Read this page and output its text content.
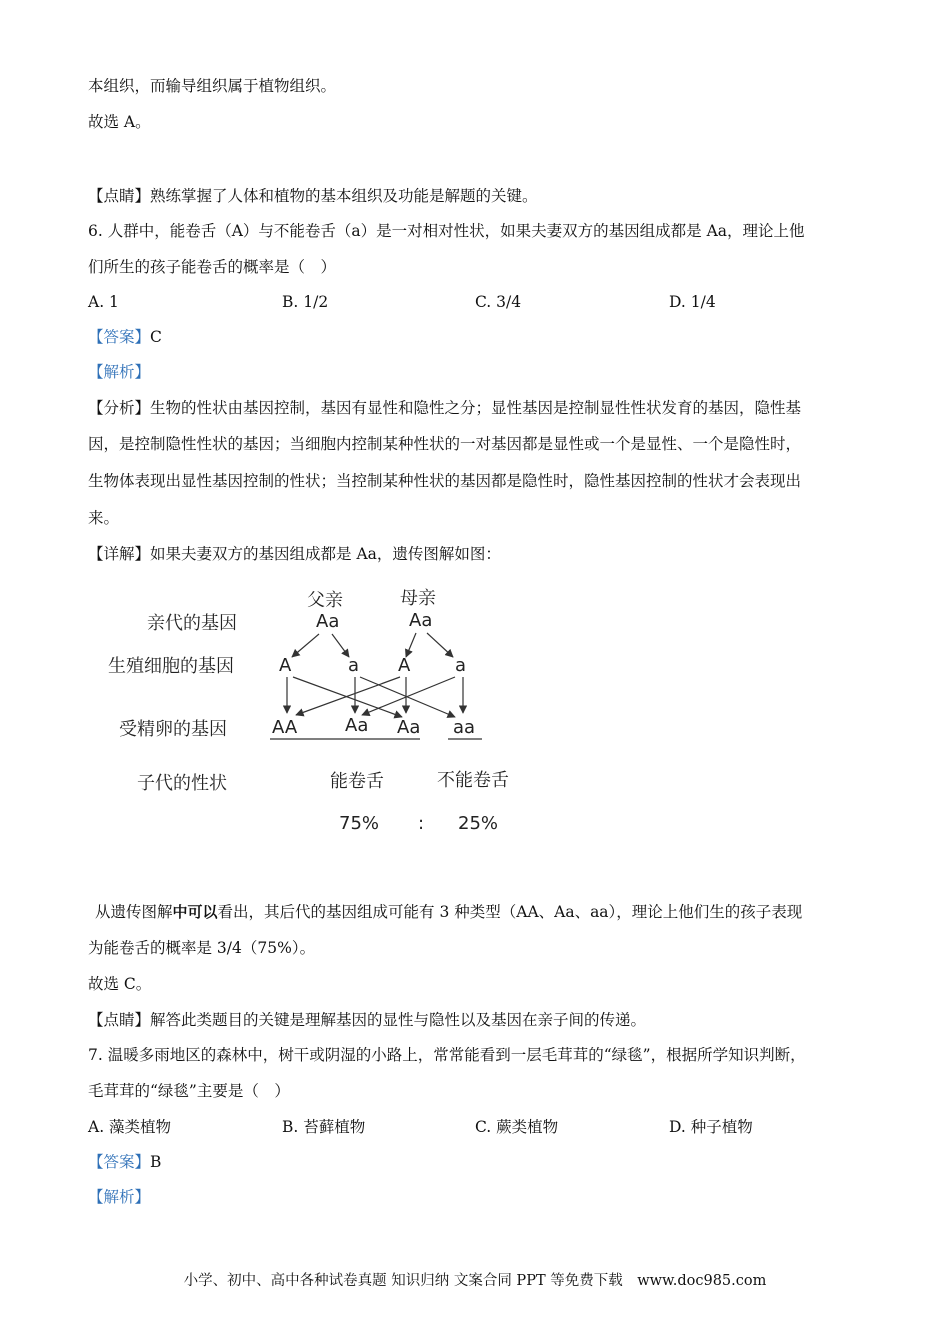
本组织，而输导组织属于植物组织。
故选 A。
【点睛】熟练掌握了人体和植物的基本组织及功能是解题的关键。
6. 人群中，能卷舌（A）与不能卷舌（a）是一对相对性状，如果夫妻双方的基因组成都是 Aa，理论上他
们所生的孩子能卷舌的概率是（　）
A. 1	B. 1/2	C. 3/4	D. 1/4
【答案】C
【解析】
【分析】生物的性状由基因控制，基因有显性和隐性之分；显性基因是控制显性性状发育的基因，隐性基
因，是控制隐性性状的基因；当细胞内控制某种性状的一对基因都是显性或一个是显性、一个是隐性时，
生物体表现出显性基因控制的性状；当控制某种性状的基因都是隐性时，隐性基因控制的性状才会表现出
来。
【详解】如果夫妻双方的基因组成都是 Aa，遗传图解如图：
亲代的基因
生殖细胞的基因
受精卵的基因
子代的性状
父亲
Aa
母亲
Aa
A	a A a
AA	Aa Aa aa
能卷舌	不能卷舌
75% : 25%
从遗传图解中可以看出，其后代的基因组成可能有 3 种类型（AA、Aa、aa），理论上他们生的孩子表现
为能卷舌的概率是 3/4（75%）。
故选 C。
【点睛】解答此类题目的关键是理解基因的显性与隐性以及基因在亲子间的传递。
7. 温暖多雨地区的森林中，树干或阴湿的小路上，常常能看到一层毛茸茸的“绿毯”，根据所学知识判断，
毛茸茸的“绿毯”主要是（　）
A. 藻类植物	B. 苔藓植物	C. 蕨类植物	D. 种子植物
【答案】B
【解析】
小学、初中、高中各种试卷真题 知识归纳 文案合同 PPT 等免费下载　www.doc985.com
